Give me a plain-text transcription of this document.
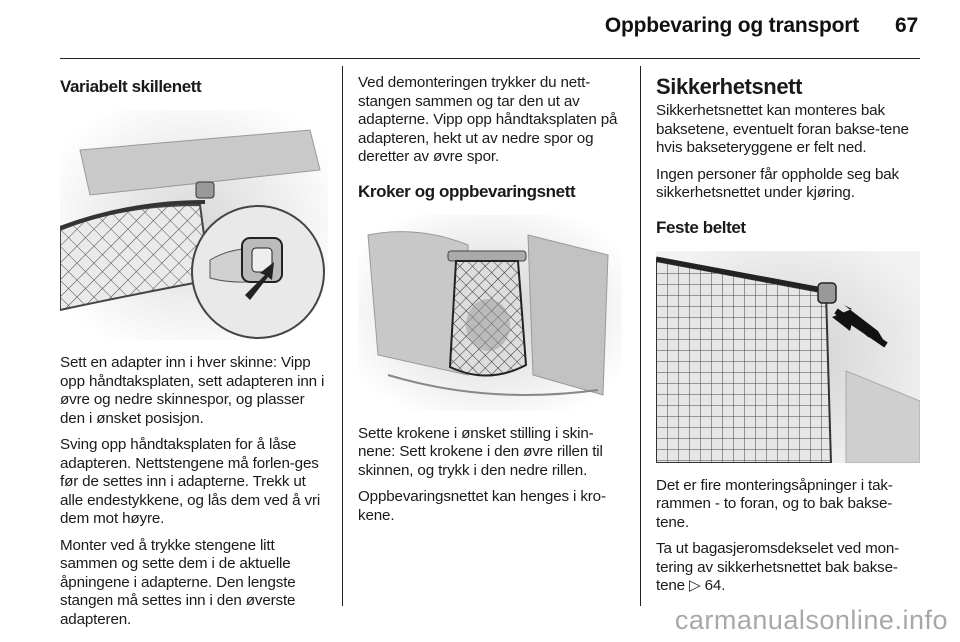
Oppbevaring og transport 67
Variabelt skillenett

Sett en adapter inn i hver skinne: Vipp opp håndtaksplaten, sett adapteren inn i øvre og nedre skinnespor, og plasser den i ønsket posisjon.

Sving opp håndtaksplaten for å låse adapteren. Nettstengene må forlen-ges før de settes inn i adapterne. Trekk ut alle endestykkene, og lås dem ved å vri dem mot høyre.

Monter ved å trykke stengene litt sammen og sette dem i de aktuelle åpningene i adapterne. Den lengste stangen må settes inn i den øverste adapteren.

Ved demonteringen trykker du nett-stangen sammen og tar den ut av adapterne. Vipp opp håndtaksplaten på adapteren, hekt ut av nedre spor og deretter av øvre spor.

Kroker og oppbevaringsnett

Sette krokene i ønsket stilling i skin-nene: Sett krokene i den øvre rillen til skinnen, og trykk i den nedre rillen.

Oppbevaringsnettet kan henges i kro-kene.

Sikkerhetsnett

Sikkerhetsnettet kan monteres bak baksetene, eventuelt foran bakse-tene hvis bakseteryggene er felt ned.

Ingen personer får oppholde seg bak sikkerhetsnettet under kjøring.

Feste beltet

Det er fire monteringsåpninger i tak-rammen - to foran, og to bak bakse-tene.

Ta ut bagasjeromsdekselet ved mon-tering av sikkerhetsnettet bak bakse-tene ▷ 64.

carmanualsonline.info
